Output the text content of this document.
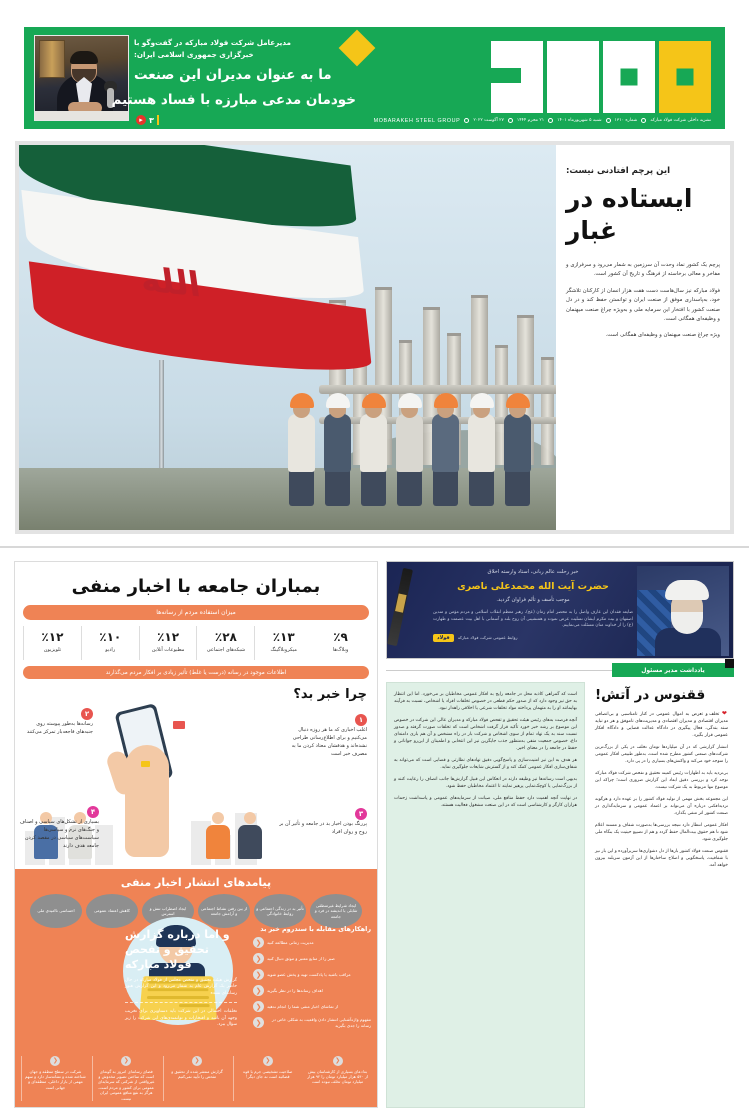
MOBARAKEH STEEL GROUP	۲۷ آگوست ۲۰۲۲	۲۱ محرم ۱۴۴۴	شنبه ۵ شهریورماه ۱۴۰۱	شماره ۱۳۱۰	نشریه داخلی شرکت فولاد مبارکه
مدیرعامل شرکت فولاد مبارکه در گفت‌وگو با
خبرگزاری جمهوری اسلامی ایران:
ما به عنوان مدیران این صنعت
خودمان مدعی مبارزه با فساد هستیم
▸ ۳
الله
این پرچم افتادنی نیست:
ایستاده در غبار

پرچم یک کشور نماد وحدت آن سرزمین به شمار می‌رود و سرفرازی و مفاخر و معالی برخاسته از فرهنگ و تاریخ آن کشور است.

فولاد مبارکه نیز سال‌هاست دست هفت هزار انسان از کارکنان تلاشگر خود، به‌پاسداری موفق از صنعت ایران و توانستن حفظ کند و در دل صنعت کشور با افتخار این سرمایه ملی و به‌ویژه چراغ صنعت میهنمان و وظیفه‌ای همگانی است.

ویژه چراغ صنعت میهنمان و وظیفه‌ای همگانی است.

بمباران جامعه با اخبار منفی
میزان استفاده مردم از رسانه‌ها
٪۱۲
تلویزیون
٪۱۰
رادیو
٪۱۲
مطبوعات آنلاین
٪۲۸
شبکه‌های اجتماعی
٪۱۳
میکروبلاگینگ
٪۹
وبلاگ‌ها
اطلاعات موجود در رسانه (درست یا غلط) تأثیر زیادی بر افکار مردم می‌گذارند
چرا خبر بد؟
۱
اغلب اخباری که ما هر روزه دنبال می‌کنیم و برای اطلاع‌رسانی طراحی نشده‌اند و هدفشان معتاد کردن ما به مصرف خبر است
۲
رسانه‌ها به‌طور پیوسته روی جنبه‌های فاجعه‌بار تمرکز می‌کنند
۳
پررنگ بودن اخبار بد در جامعه و تأثیر آن بر روح و روان افراد
۴
بسیاری از تشکل‌های سیاسی و اصناف و جنگ‌های نرم و سیاسی‌ها سیاست‌های سیاسی در مقصد کردن جامعه هدف دارند
پیامدهای انتشار اخبار منفی
احساسی ناامیدی ملی	کاهش اعتماد عمومی
ایجاد اضطراب تنش و استرس
از بین رفتن نشاط اجتماعی و آرامش جامعه
تأثیر بد در زندگی اجتماعی و روابط خانوادگی
ایجاد شرایط غیرمنطقی تقابلی با اندیشه در فرد و جامعه
راهکارهای مقابله با سندروم خبر بد
❮	مدیریت زمانی مطالعه کنید
❮	صبر را از منابع معتبر و موثق دنبال کنید
❮	مراقب باشید یا پادکست تهیه و پخش عضو شوید
❮	اهداف رسانه‌ها را در نظر بگیرید
❮	از تماشای اخبار منفی شما را انجام ندهید
❮	مفهوم واژه‌آشنایی انتشار دادن واقعیت به شکلی خاص در رسانه را جدی بگیرید
و اما درباره گزارش تحقیق و تفحص فولاد مبارکه
گزارش هیئت تحقیق و تفحص مجلس از فولاد مبارکه در حال حاضر یک گزارش عام به شمار می‌رود و این گزارش هنوز رسانه‌ای نشده
تخلفات احتمالی در این شرکت باید دستاویزی برای تخریب وجهه آن باشد و افتخارات و توانمندی‌های این شرکت را زیر سؤال ببرد.
❮
شرکت در سطح منطقه و جهان شناخته شده و نشانه‌ساز دارد و سهم مهمی از بازار داخلی، منطقه‌ای و جهانی است
❮
فضای رسانه‌ای امروز به گونه‌ای است که ساختن تصویر مخدوش و غیرواقعی از شرکتی که سرمایه‌ای عمومی برای کشور و مردم است، هرگز به نفع منافع عمومی ایران نیست
❮
گزارش منتشر شده از تحقیق و تفحص را تأیید نمی‌کنیم
❮
صلاحیت تشخیصی جرم با قوه قضائیه است نه جای دیگر!
❮
به‌ادعای بسیاری از کارشناسان بیش از ۵۴۰ هزار میلیارد تومان را ۹۲ هزار میلیارد تومان تخلف نبوده است
خبر رحلت عالم ربانی، استاد وارسته اخلاق
حضرت آیت الله محمدعلی ناصری
موجب تأسف و تألم فراوان گردید.
ضایعه فقدان این عارف واصل را به محضر امام زمان (عج)، رهبر معظم انقلاب اسلامی و مردم مؤمن و متدین اصفهان و بیت مکرم ایشان تسلیت عرض نموده و همنشینی آن روح بلند و آسمانی با اهل بیت عصمت و طهارت (ع) را از خداوند منان مسئلت می‌نماییم.
فولاد	روابط عمومی شرکت فولاد مبارکه
یادداشت مدیر مسئول

است که گمراهی کاذبه محل در جامعه رایج به افکار عمومی مخاطبان بر می‌خورد. اما این انتظار به حق نیز وجود دارد که از صدور حکم قطعی در خصوص تخلفات افراد یا اشخاص، نسبت به فرآیند بهایمانند او را به متهمان پرداخته مواد تخلفات شرعی یا اخلاقی راهدار نبود.

آنچه فرصت به‌های رئیس هیئت تحقیق و تفحص فولاد مبارکه و مدیران عالی این شرکت در خصوص این موضوع بر رشد خبر خورد تأکید قرار گرفت اشخاص است که تخلفات صورت گرفته و صدور نسبت سند به یک نهاد تمام از سوی اشخاص و شرکت بار در راه مشخص و آن هم باری دامنه‌ای داغ، خصوص جمعیت منفی به‌منظور جذب جایگزین نیز این انتخابی و اطمینان از این‌رو جوانانی و حفظ در جامعه را در معنای اخیر.

هر هدف به این نیز امنیت‌سازی و پاسخ‌گویی دقیق نهادهای نظارتی و قضایی است که می‌تواند به شفاف‌سازی افکار عمومی کمک کند و از گسترش شایعات جلوگیری نماید.

بدیهی است رسانه‌ها نیز وظیفه دارند در انعکاس این قبیل گزارش‌ها جانب انصاف را رعایت کنند و از بزرگ‌نمایی یا کوچک‌نمایی پرهیز نمایند تا اعتماد مخاطبان حفظ شود.

در نهایت آنچه اهمیت دارد حفظ منافع ملی، صیانت از سرمایه‌های عمومی و پاسداشت زحمات هزاران کارگر و کارشناسی است که در این صنعت مشغول فعالیت هستند.

ققنوس در آتش!
❤ تخلف و تعرض به اموال عمومی در کنار نامناسبی و بی‌انصافی مدیران اقتصادی و مدیران اقتصادی و مدیریت‌های ناموفق و هر دو نباید سند بندگی، فعال پیگیری در دادگاه عدالت قضایی و دادگاه افکار عمومی قرار بگیرد.

انتشار گزارشی که در آن میلیاردها تومان تخلف در یکی از بزرگ‌ترین شرکت‌های صنعتی کشور مطرح شده است، به‌طور طبیعی افکار عمومی را متوجه خود می‌کند و واکنش‌های بسیاری را در پی دارد.

بی‌تردید باید به اظهارات رئیس کمیته تحقیق و تفحص شرکت فولاد مبارکه توجه کرد و بررسی دقیق ابعاد این گزارش ضروری است؛ چراکه این موضوع تنها مربوط به یک شرکت نیست.

این مجموعه بخش مهمی از تولید فولاد کشور را بر عهده دارد و هرگونه تردیدافکنی درباره آن می‌تواند بر اعتماد عمومی و سرمایه‌گذاری در صنعت کشور اثر منفی بگذارد.

افکار عمومی انتظار دارد نتیجه بررسی‌ها به‌صورت شفاف و مستند اعلام شود تا هم حقوق بیت‌المال حفظ گردد و هم از تضییع حیثیت یک بنگاه ملی جلوگیری شود.

ققنوس صنعت فولاد کشور بارها از دل دشواری‌ها سربرآورده و این بار نیز با شفافیت، پاسخگویی و اصلاح ساختارها از این آزمون سربلند بیرون خواهد آمد.
